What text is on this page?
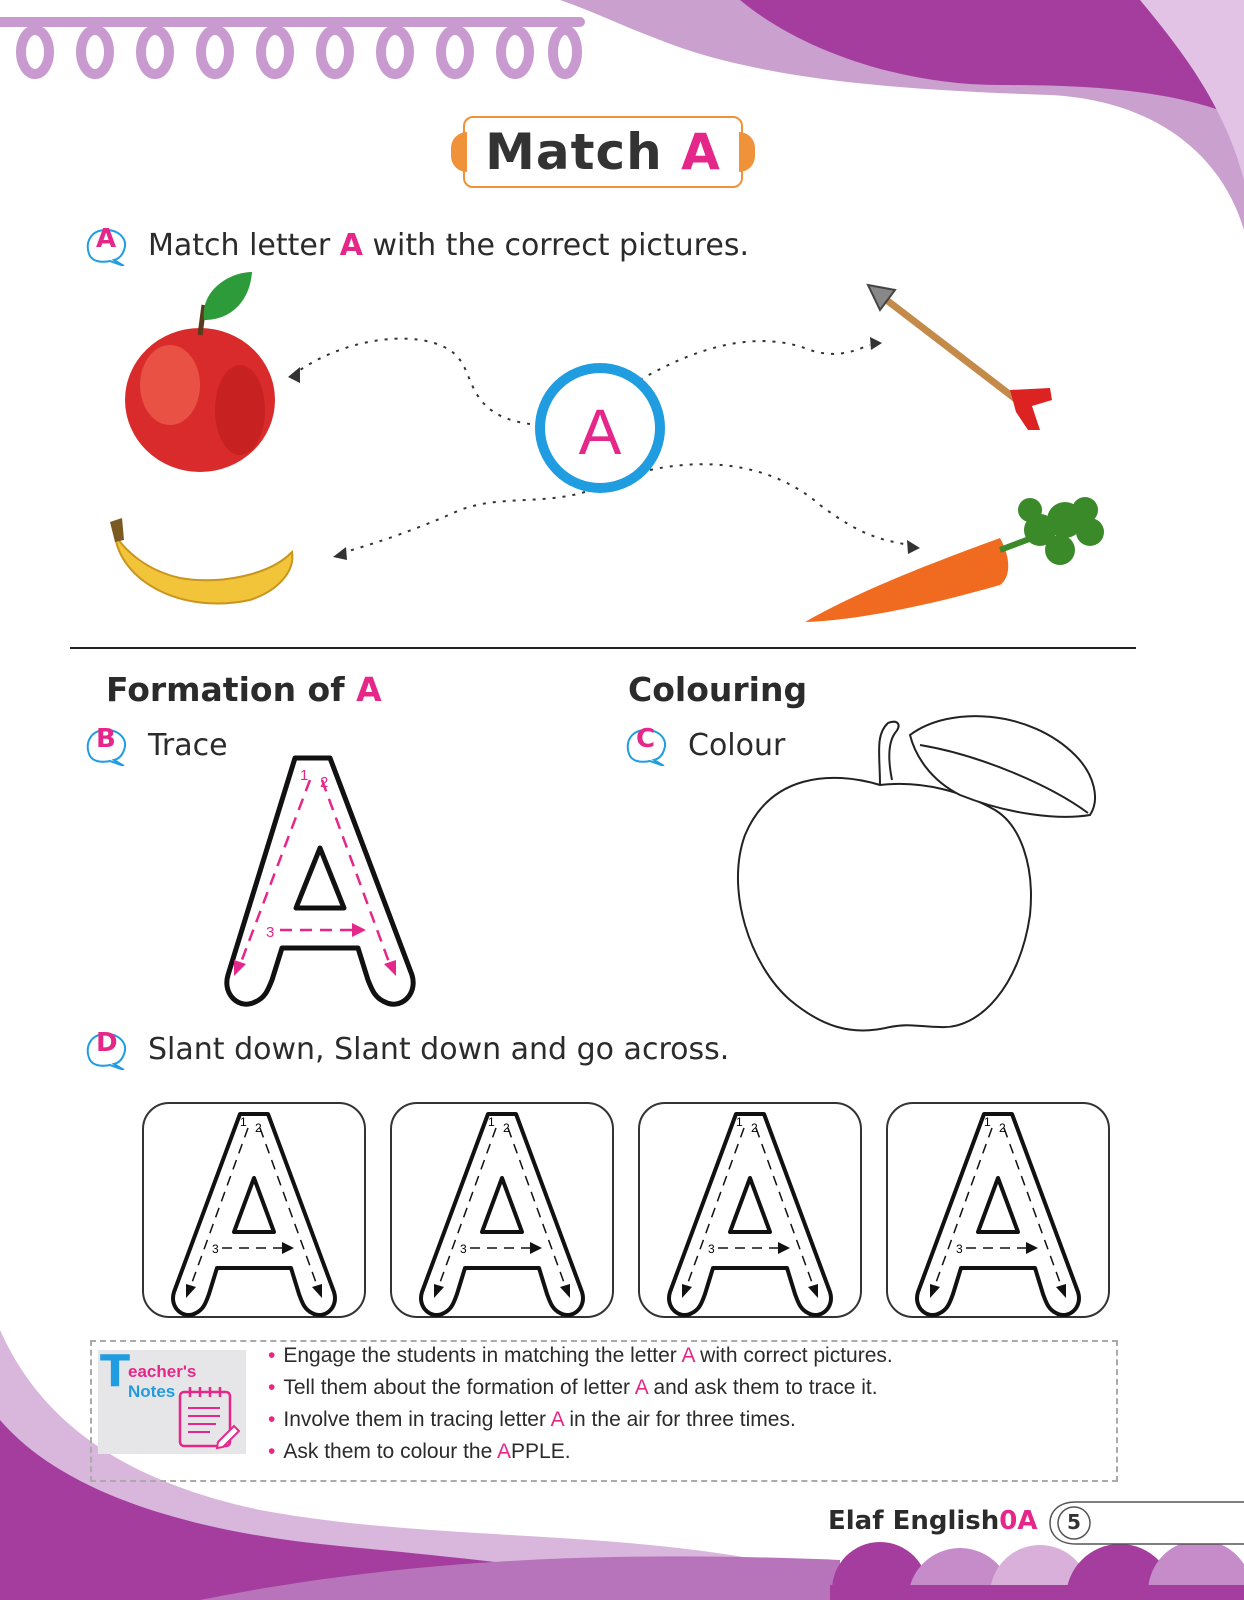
Match A
A Match letter A with the correct pictures.
A
Formation of A	Colouring
B Trace	C Colour
1 2
3
D Slant down, Slant down and go across.
1 2
3
1 2
3
1 2
3
1 2
3
T
eacher's
Notes
• Engage the students in matching the letter A with correct pictures.
• Tell them about the formation of letter A and ask them to trace it.
• Involve them in tracing letter A in the air for three times.
• Ask them to colour the APPLE.
Elaf English0A	5
